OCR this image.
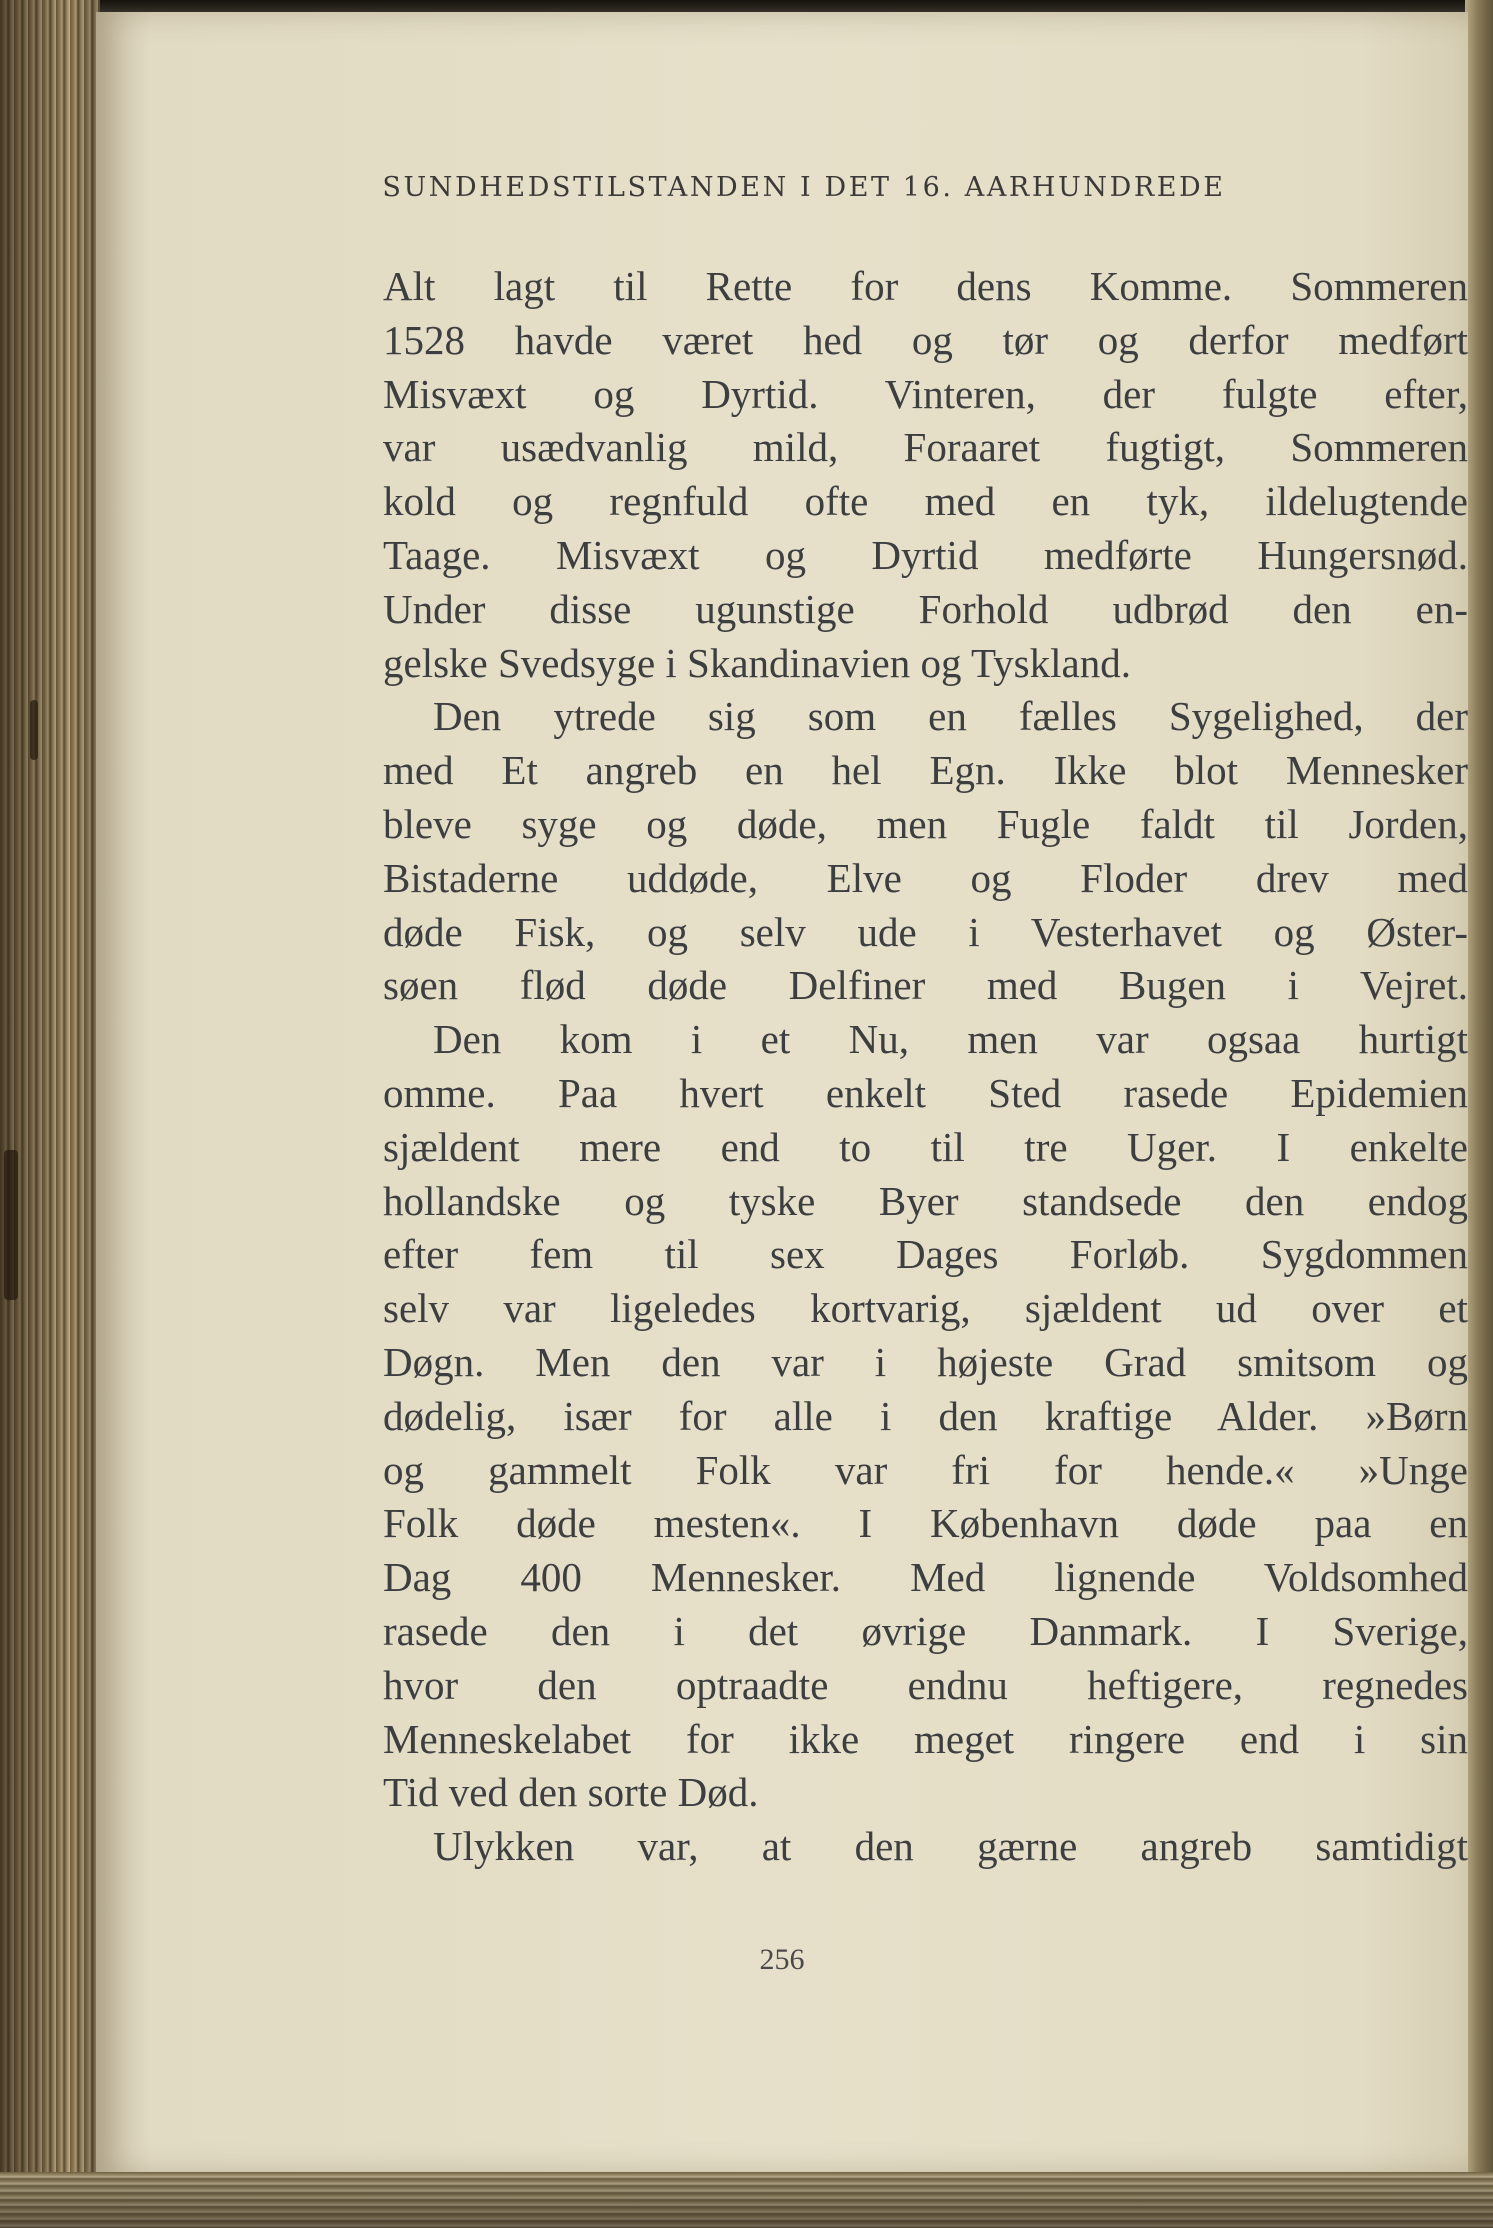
SUNDHEDSTILSTANDEN I DET 16. AARHUNDREDE
Alt lagt til Rette for dens Komme. Sommeren
1528 havde været hed og tør og derfor medført
Misvæxt og Dyrtid. Vinteren, der fulgte efter,
var usædvanlig mild, Foraaret fugtigt, Sommeren
kold og regnfuld ofte med en tyk, ildelugtende
Taage. Misvæxt og Dyrtid medførte Hungersnød.
Under disse ugunstige Forhold udbrød den en-
gelske Svedsyge i Skandinavien og Tyskland.
Den ytrede sig som en fælles Sygelighed, der
med Et angreb en hel Egn. Ikke blot Mennesker
bleve syge og døde, men Fugle faldt til Jorden,
Bistaderne uddøde, Elve og Floder drev med
døde Fisk, og selv ude i Vesterhavet og Øster-
søen flød døde Delfiner med Bugen i Vejret.
Den kom i et Nu, men var ogsaa hurtigt
omme. Paa hvert enkelt Sted rasede Epidemien
sjældent mere end to til tre Uger. I enkelte
hollandske og tyske Byer standsede den endog
efter fem til sex Dages Forløb. Sygdommen
selv var ligeledes kortvarig, sjældent ud over et
Døgn. Men den var i højeste Grad smitsom og
dødelig, især for alle i den kraftige Alder. »Børn
og gammelt Folk var fri for hende.« »Unge
Folk døde mesten«. I København døde paa en
Dag 400 Mennesker. Med lignende Voldsomhed
rasede den i det øvrige Danmark. I Sverige,
hvor den optraadte endnu heftigere, regnedes
Menneskelabet for ikke meget ringere end i sin
Tid ved den sorte Død.
Ulykken var, at den gærne angreb samtidigt

256
